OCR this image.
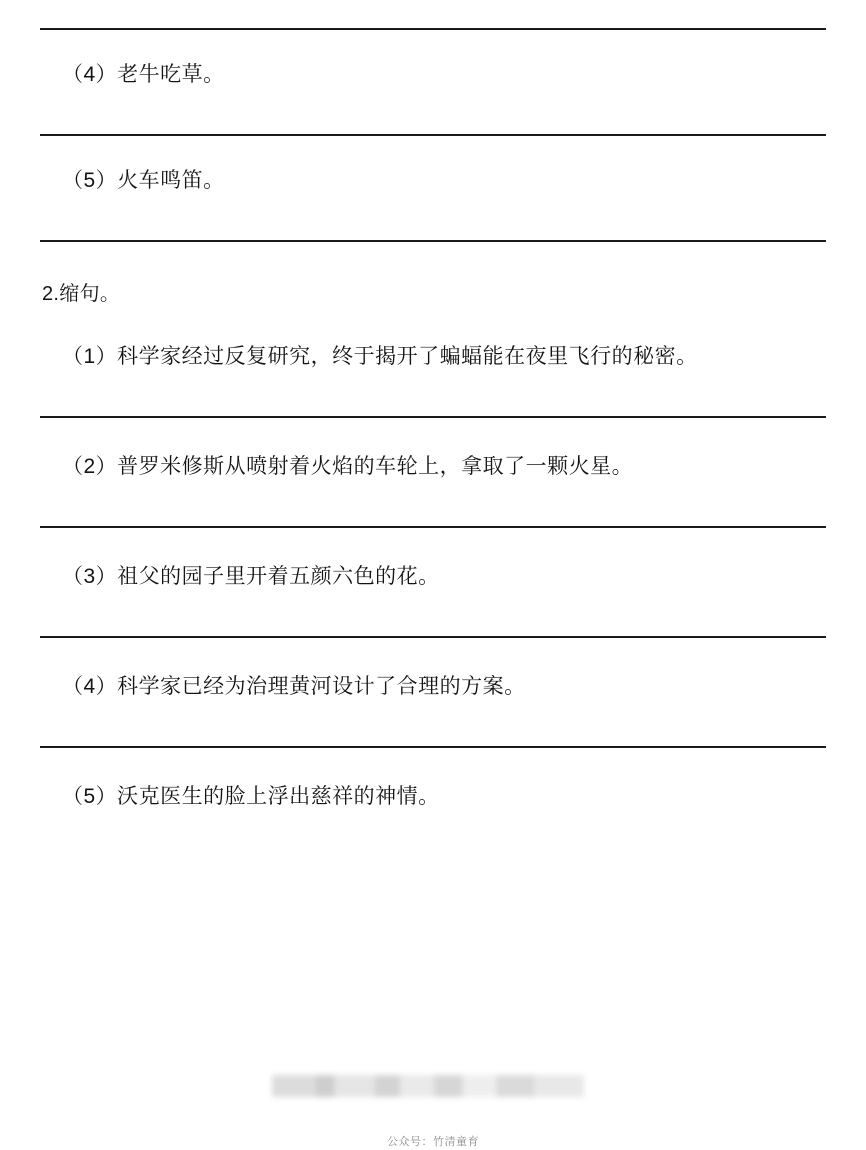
（4）老牛吃草。
（5）火车鸣笛。
2.缩句。
（1）科学家经过反复研究，终于揭开了蝙蝠能在夜里飞行的秘密。
（2）普罗米修斯从喷射着火焰的车轮上，拿取了一颗火星。
（3）祖父的园子里开着五颜六色的花。
（4）科学家已经为治理黄河设计了合理的方案。
（5）沃克医生的脸上浮出慈祥的神情。
公众号：竹清童育
